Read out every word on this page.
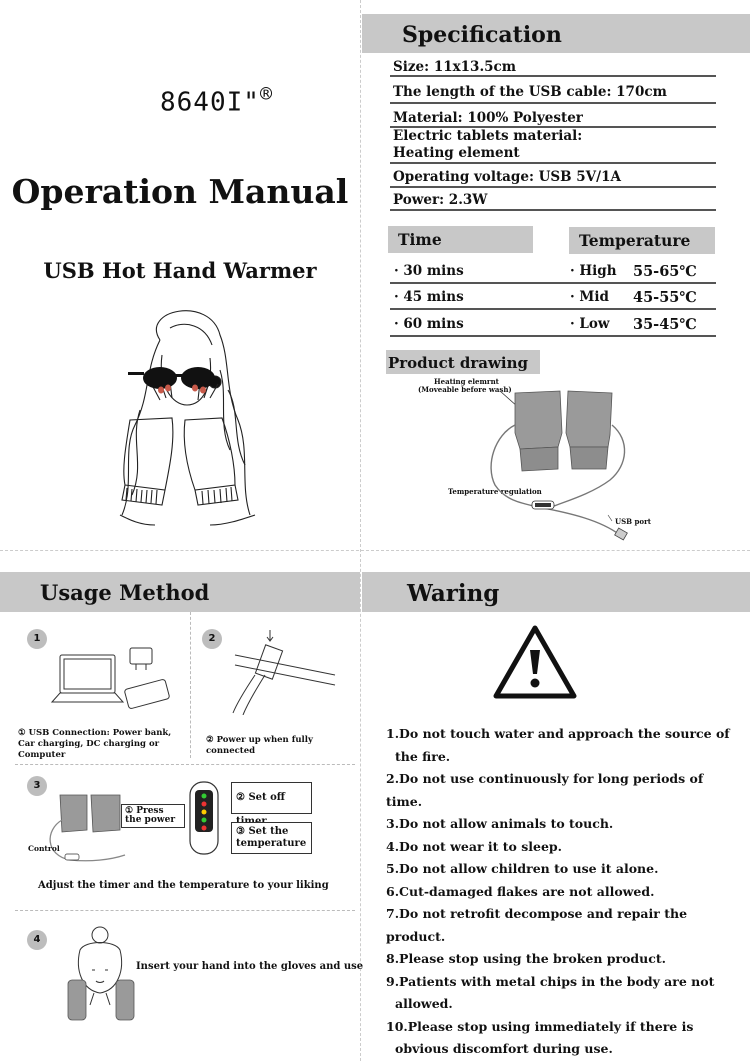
8640I"®
Operation Manual
USB Hot Hand Warmer
Specification
Size: 11x13.5cm
The length of the USB cable: 170cm
Material: 100% Polyester
Electric tablets material:
Heating element
Operating voltage: USB 5V/1A
Power: 2.3W
Time	Temperature
· 30 mins	· High 55-65℃
· 45 mins	· Mid 45-55℃
· 60 mins	· Low 35-45℃
Product drawing
Heating elemrnt
(Moveable before wash)
Temperature regulation
USB port
Usage Method
1
① USB Connection: Power bank, Car charging, DC charging or Computer
2
② Power up when fully connected
3
Control
① Press the power
② Set off
③ Set the temperature
Adjust the timer and the temperature to your liking
4
Insert your hand into the gloves and use
Waring
1.Do not touch water and approach the source of
the fire.
2.Do not use continuously for long periods of time.
3.Do not allow animals to touch.
4.Do not wear it to sleep.
5.Do not allow children to use it alone.
6.Cut-damaged flakes are not allowed.
7.Do not retrofit decompose and repair the product.
8.Please stop using the broken product.
9.Patients with metal chips in the body are not
allowed.
10.Please stop using immediately if there is
obvious discomfort during use.
